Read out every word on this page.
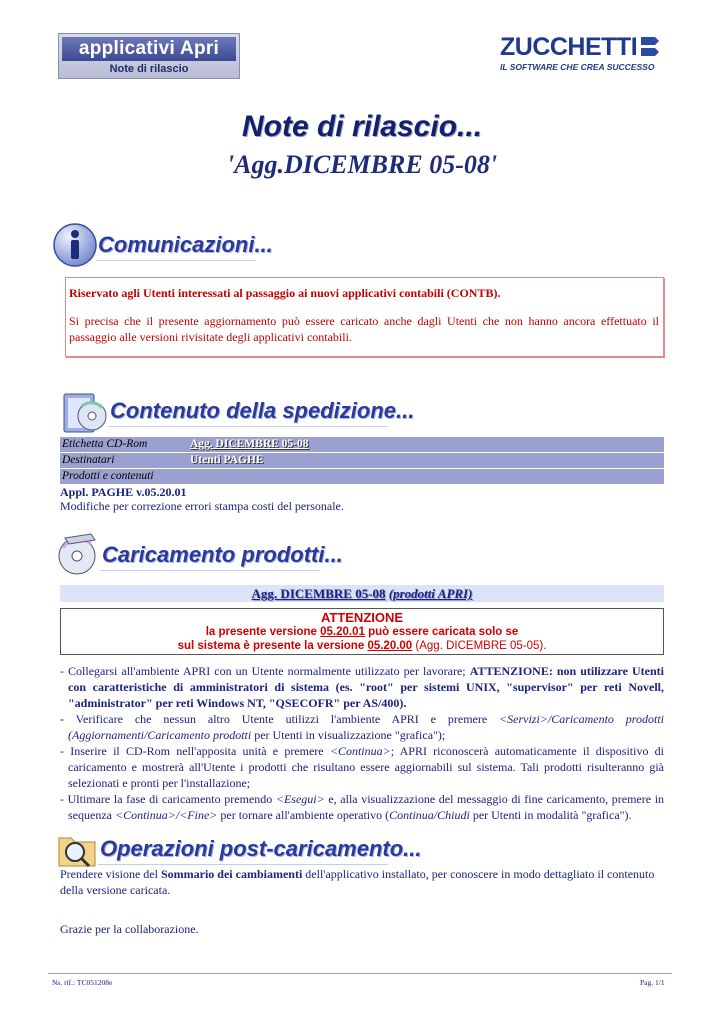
applicativi Apri
Note di rilascio
ZUCCHETTI
IL SOFTWARE CHE CREA SUCCESSO
Note di rilascio...
'Agg.DICEMBRE 05-08'
Comunicazioni...
Riservato agli Utenti interessati al passaggio ai nuovi applicativi contabili (CONTB).
Si precisa che il presente aggiornamento può essere caricato anche dagli Utenti che non hanno ancora effettuato il passaggio alle versioni rivisitate degli applicativi contabili.
Contenuto della spedizione...
Etichetta CD-Rom	Agg. DICEMBRE 05-08
Destinatari	Utenti PAGHE
Prodotti e contenuti
Appl. PAGHE v.05.20.01
Modifiche per correzione errori stampa costi del personale.
Caricamento prodotti...
Agg. DICEMBRE 05-08 (prodotti APRI)
ATTENZIONE
la presente versione 05.20.01 può essere caricata solo se
sul sistema è presente la versione 05.20.00 (Agg. DICEMBRE 05-05).
- Collegarsi all'ambiente APRI con un Utente normalmente utilizzato per lavorare; ATTENZIONE: non utilizzare Utenti con caratteristiche di amministratori di sistema (es. "root" per sistemi UNIX, "supervisor" per reti Novell, "administrator" per reti Windows NT, "QSECOFR" per AS/400).
- Verificare che nessun altro Utente utilizzi l'ambiente APRI e premere <Servizi>/Caricamento prodotti (Aggiornamenti/Caricamento prodotti per Utenti in visualizzazione "grafica");
- Inserire il CD-Rom nell'apposita unità e premere <Continua>; APRI riconoscerà automaticamente il dispositivo di caricamento e mostrerà all'Utente i prodotti che risultano essere aggiornabili sul sistema. Tali prodotti risulteranno già selezionati e pronti per l'installazione;
- Ultimare la fase di caricamento premendo <Esegui> e, alla visualizzazione del messaggio di fine caricamento, premere in sequenza <Continua>/<Fine> per tornare all'ambiente operativo (Continua/Chiudi per Utenti in modalità "grafica").
Operazioni post-caricamento...
Prendere visione del Sommario dei cambiamenti dell'applicativo installato, per conoscere in modo dettagliato il contenuto della versione caricata.
Grazie per la collaborazione.
Ns. rif.: TC051208e	Pag. 1/1
